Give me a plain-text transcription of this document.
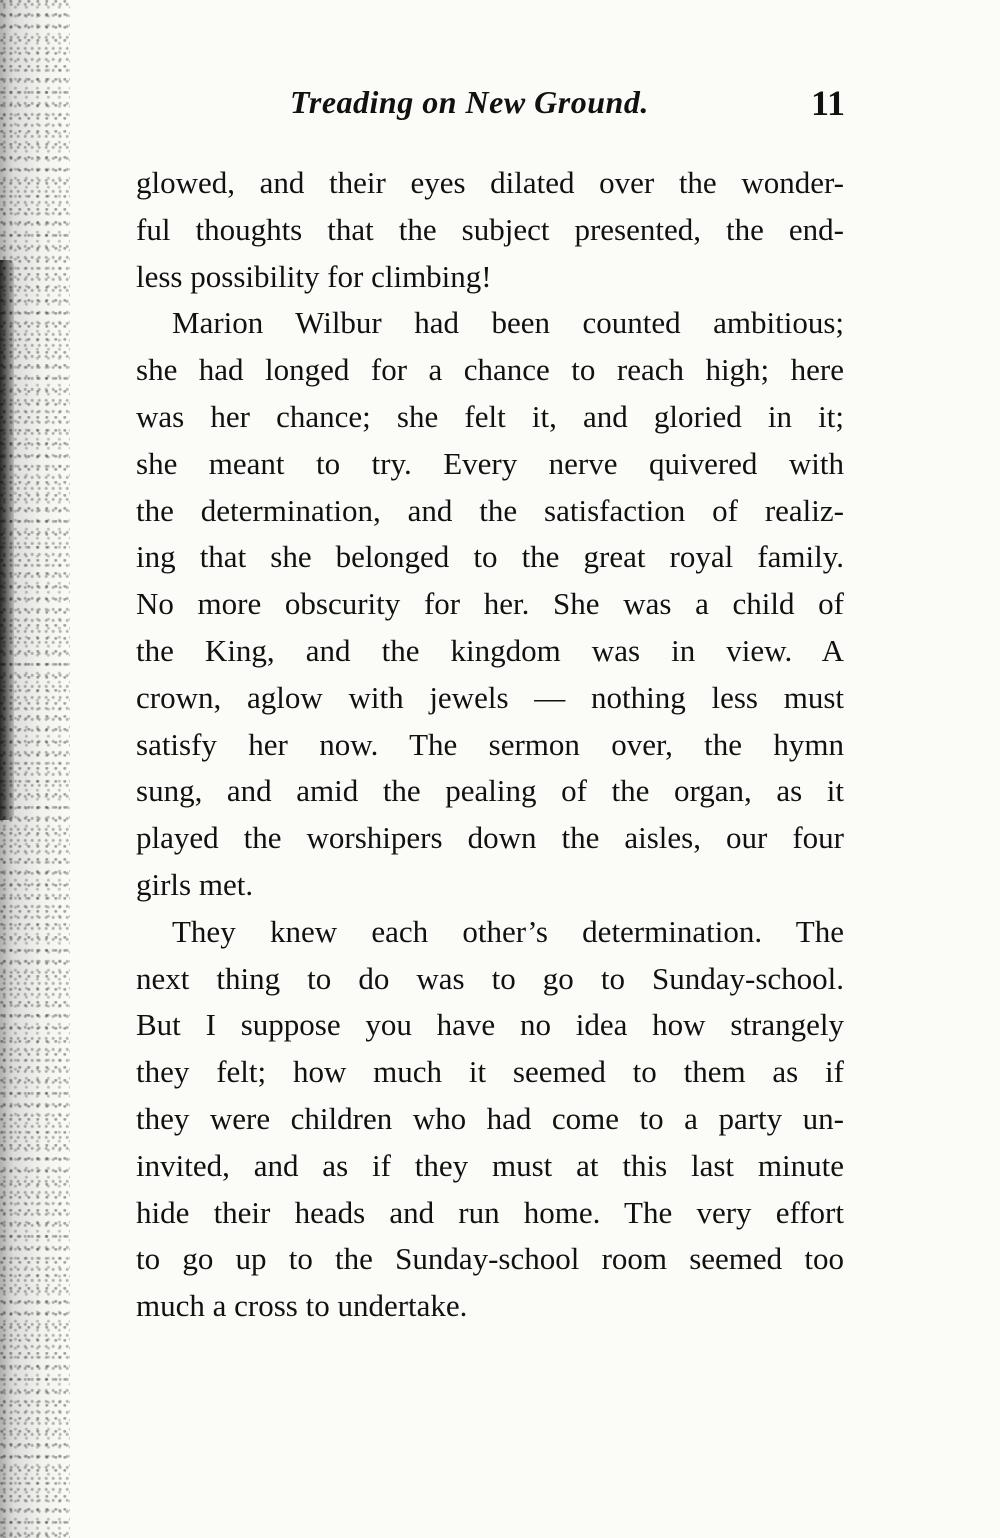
Treading on New Ground.	11
glowed, and their eyes dilated over the wonder-
ful thoughts that the subject presented, the end-
less possibility for climbing!
Marion Wilbur had been counted ambitious;
she had longed for a chance to reach high; here
was her chance; she felt it, and gloried in it;
she meant to try. Every nerve quivered with
the determination, and the satisfaction of realiz-
ing that she belonged to the great royal family.
No more obscurity for her. She was a child of
the King, and the kingdom was in view. A
crown, aglow with jewels — nothing less must
satisfy her now. The sermon over, the hymn
sung, and amid the pealing of the organ, as it
played the worshipers down the aisles, our four
girls met.
They knew each other’s determination. The
next thing to do was to go to Sunday-school.
But I suppose you have no idea how strangely
they felt; how much it seemed to them as if
they were children who had come to a party un-
invited, and as if they must at this last minute
hide their heads and run home. The very effort
to go up to the Sunday-school room seemed too
much a cross to undertake.
